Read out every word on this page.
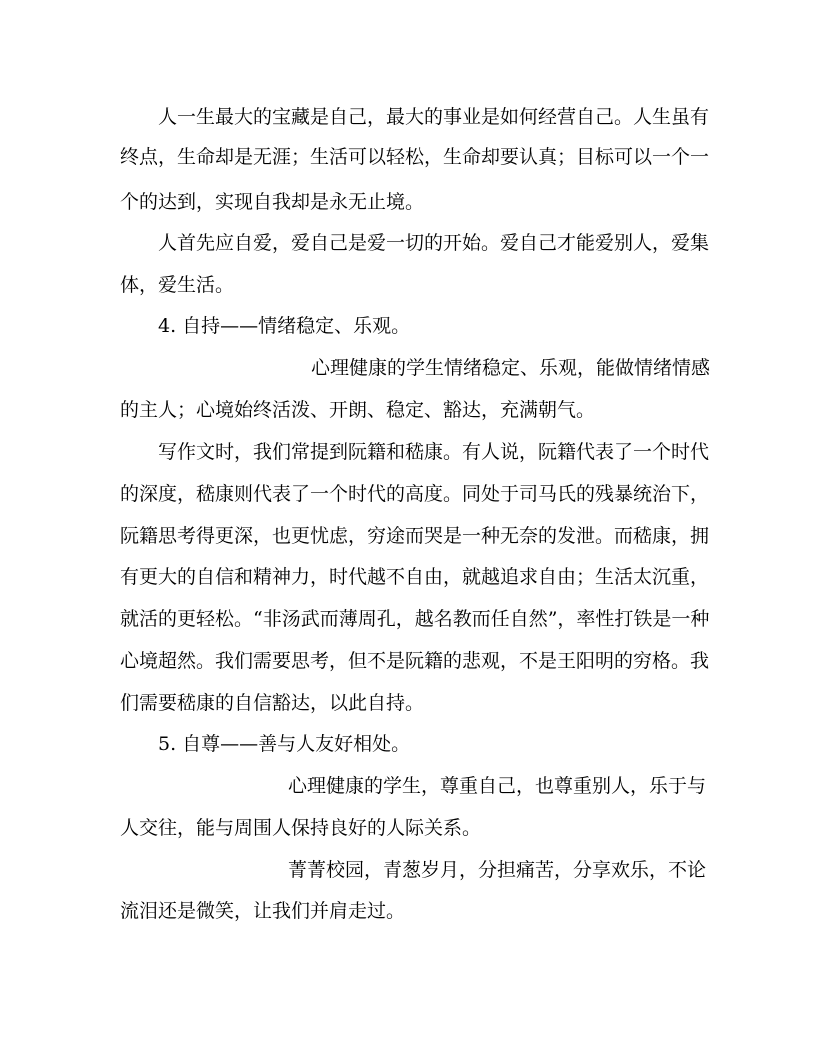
人一生最大的宝藏是自己，最大的事业是如何经营自己。人生虽有
终点，生命却是无涯；生活可以轻松，生命却要认真；目标可以一个一
个的达到，实现自我却是永无止境。
人首先应自爱，爱自己是爱一切的开始。爱自己才能爱别人，爱集
体，爱生活。
4. 自持——情绪稳定、乐观。
心理健康的学生情绪稳定、乐观，能做情绪情感
的主人；心境始终活泼、开朗、稳定、豁达，充满朝气。
写作文时，我们常提到阮籍和嵇康。有人说，阮籍代表了一个时代
的深度，嵇康则代表了一个时代的高度。同处于司马氏的残暴统治下，
阮籍思考得更深，也更忧虑，穷途而哭是一种无奈的发泄。而嵇康，拥
有更大的自信和精神力，时代越不自由，就越追求自由；生活太沉重，
就活的更轻松。“非汤武而薄周孔，越名教而任自然”，率性打铁是一种
心境超然。我们需要思考，但不是阮籍的悲观，不是王阳明的穷格。我
们需要嵇康的自信豁达，以此自持。
5. 自尊——善与人友好相处。
心理健康的学生，尊重自己，也尊重别人，乐于与
人交往，能与周围人保持良好的人际关系。
菁菁校园，青葱岁月，分担痛苦，分享欢乐，不论
流泪还是微笑，让我们并肩走过。
